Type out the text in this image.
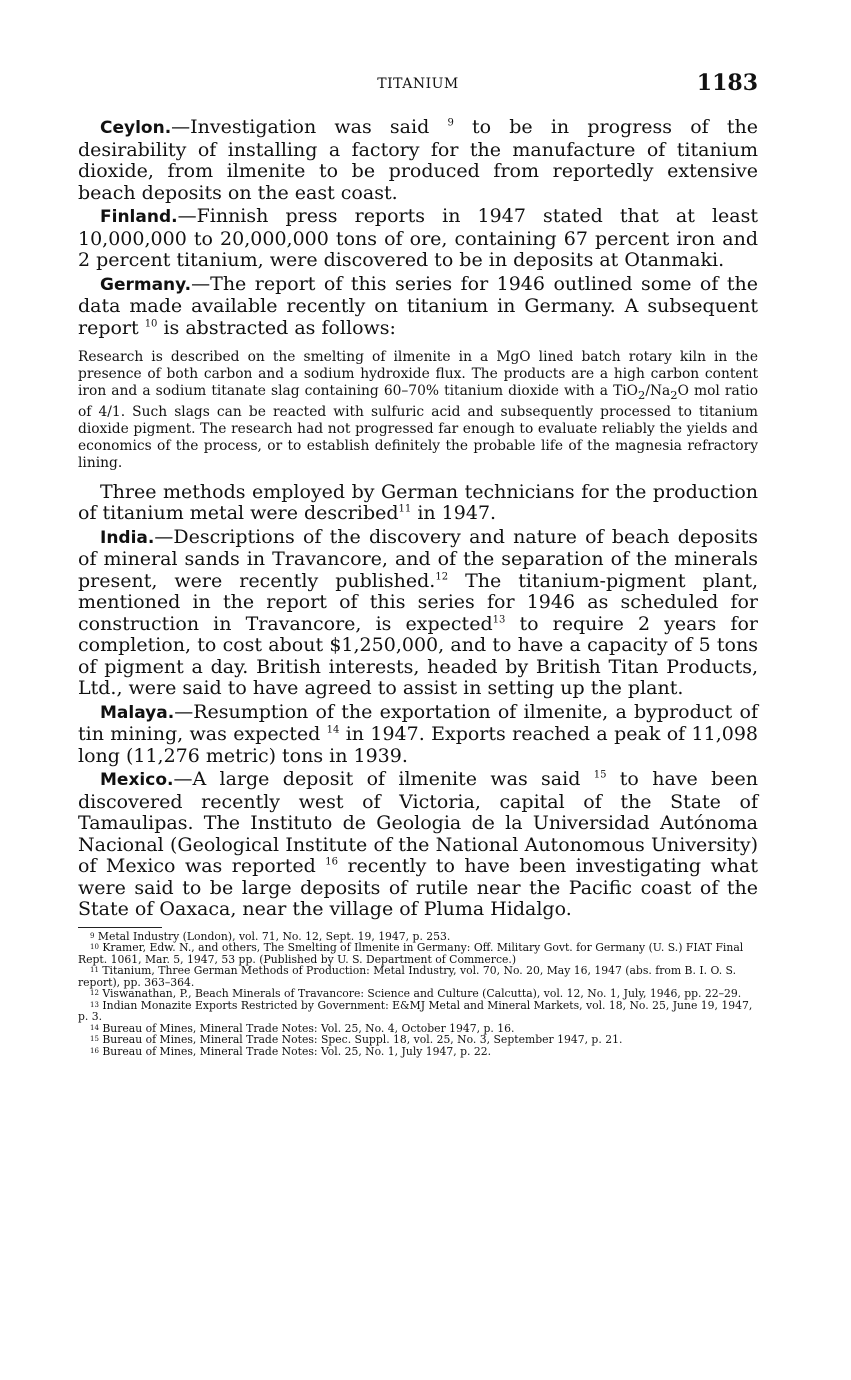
TITANIUM	1183

Ceylon.—Investigation was said $^9$ to be in progress of the desirability of installing a factory for the manufacture of titanium dioxide, from ilmenite to be produced from reportedly extensive beach deposits on the east coast.

Finland.—Finnish press reports in 1947 stated that at least 10,000,000 to 20,000,000 tons of ore, containing 67 percent iron and 2 percent titanium, were discovered to be in deposits at Otanmaki.

Germany.—The report of this series for 1946 outlined some of the data made available recently on titanium in Germany. A subsequent report $^{10}$ is abstracted as follows:

Research is described on the smelting of ilmenite in a MgO lined batch rotary kiln in the presence of both carbon and a sodium hydroxide flux. The products are a high carbon content iron and a sodium titanate slag containing 60–70% titanium dioxide with a $TiO_2/Na_2O$ mol ratio of 4/1. Such slags can be reacted with sulfuric acid and subsequently processed to titanium dioxide pigment. The research had not progressed far enough to evaluate reliably the yields and economics of the process, or to establish definitely the probable life of the magnesia refractory lining.

Three methods employed by German technicians for the production of titanium metal were described$^{11}$ in 1947.

India.—Descriptions of the discovery and nature of beach deposits of mineral sands in Travancore, and of the separation of the minerals present, were recently published.$^{12}$ The titanium-pigment plant, mentioned in the report of this series for 1946 as scheduled for construction in Travancore, is expected$^{13}$ to require 2 years for completion, to cost about $1,250,000, and to have a capacity of 5 tons of pigment a day. British interests, headed by British Titan Products, Ltd., were said to have agreed to assist in setting up the plant.

Malaya.—Resumption of the exportation of ilmenite, a byproduct of tin mining, was expected $^{14}$ in 1947. Exports reached a peak of 11,098 long (11,276 metric) tons in 1939.

Mexico.—A large deposit of ilmenite was said $^{15}$ to have been discovered recently west of Victoria, capital of the State of Tamaulipas. The Instituto de Geologia de la Universidad Autónoma Nacional (Geological Institute of the National Autonomous University) of Mexico was reported $^{16}$ recently to have been investigating what were said to be large deposits of rutile near the Pacific coast of the State of Oaxaca, near the village of Pluma Hidalgo.

$^9$ Metal Industry (London), vol. 71, No. 12, Sept. 19, 1947, p. 253.

$^{10}$ Kramer, Edw. N., and others, The Smelting of Ilmenite in Germany: Off. Military Govt. for Germany (U. S.) FIAT Final Rept. 1061, Mar. 5, 1947, 53 pp. (Published by U. S. Department of Commerce.)

$^{11}$ Titanium, Three German Methods of Production: Metal Industry, vol. 70, No. 20, May 16, 1947 (abs. from B. I. O. S. report), pp. 363–364.

$^{12}$ Viswanathan, P., Beach Minerals of Travancore: Science and Culture (Calcutta), vol. 12, No. 1, July, 1946, pp. 22–29.

$^{13}$ Indian Monazite Exports Restricted by Government: E&MJ Metal and Mineral Markets, vol. 18, No. 25, June 19, 1947, p. 3.

$^{14}$ Bureau of Mines, Mineral Trade Notes: Vol. 25, No. 4, October 1947, p. 16.

$^{15}$ Bureau of Mines, Mineral Trade Notes: Spec. Suppl. 18, vol. 25, No. 3, September 1947, p. 21.

$^{16}$ Bureau of Mines, Mineral Trade Notes: Vol. 25, No. 1, July 1947, p. 22.
